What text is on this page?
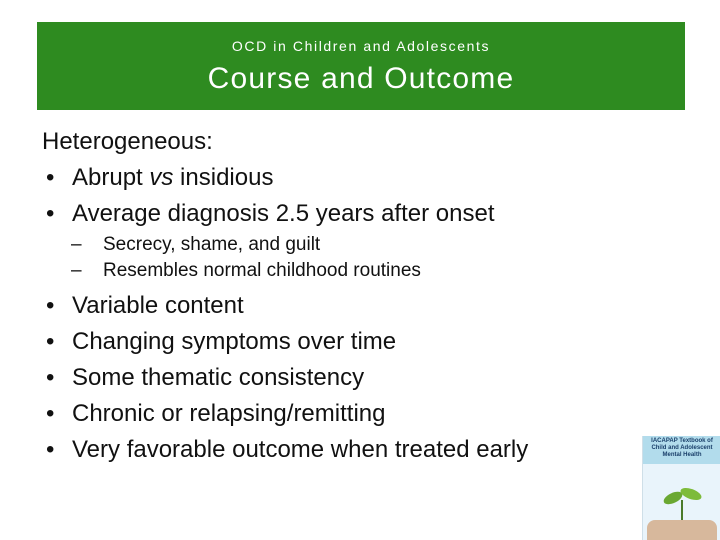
OCD in Children and Adolescents
Course and Outcome
Heterogeneous:
• Abrupt vs insidious
• Average diagnosis 2.5 years after onset
– Secrecy, shame, and guilt
– Resembles normal childhood routines
• Variable content
• Changing symptoms over time
• Some thematic consistency
• Chronic or relapsing/remitting
• Very favorable outcome when treated early	IACAPAP Textbook of Child and Adolescent Mental Health
